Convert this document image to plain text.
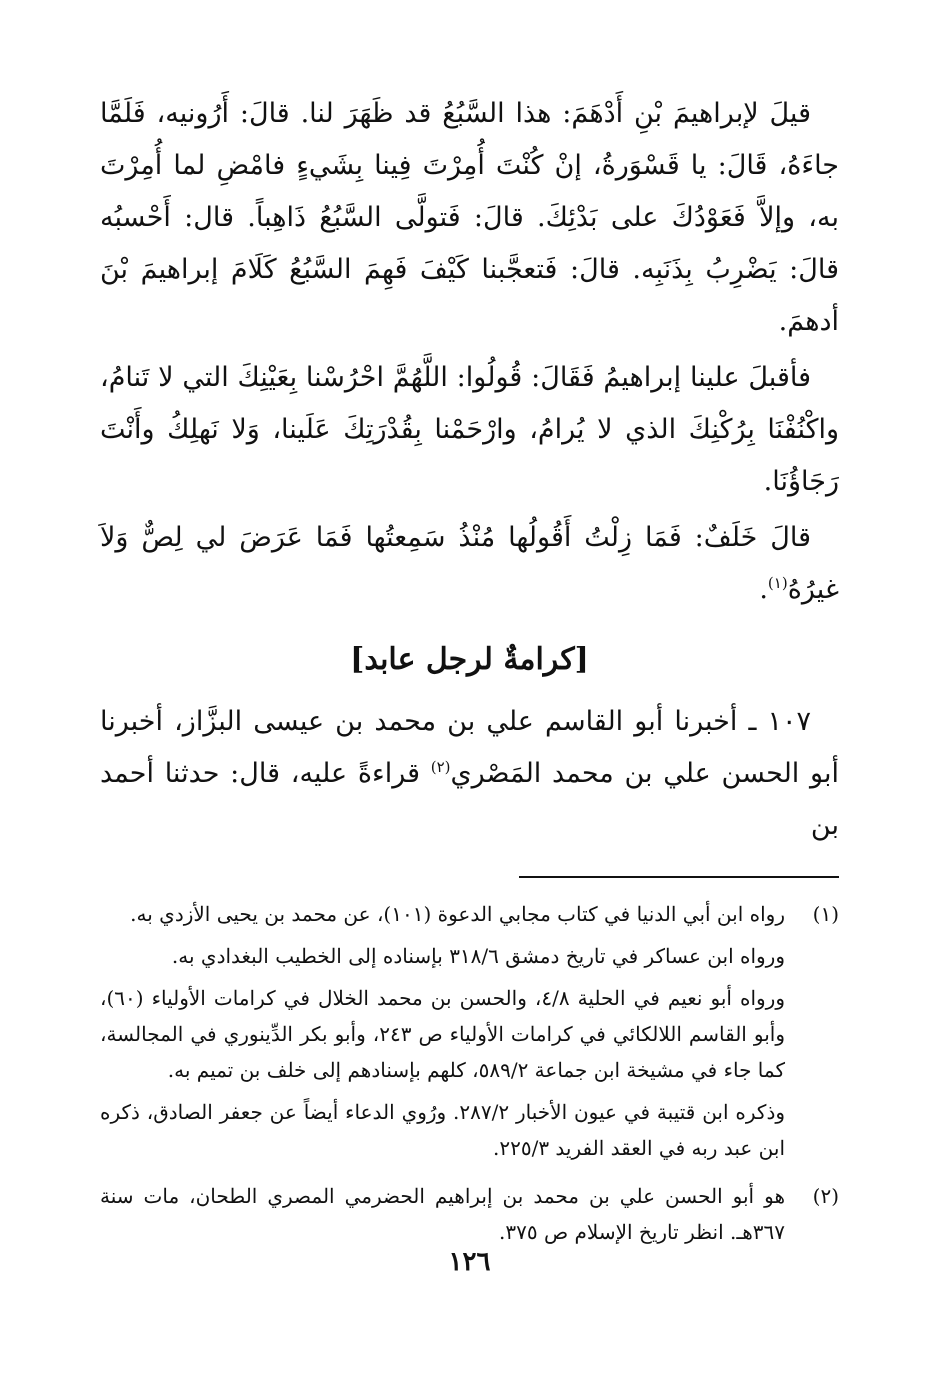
قيلَ لإبراهيمَ بْنِ أَدْهَمَ: هذا السَّبُعُ قد ظَهَرَ لنا. قالَ: أَرُونيه، فَلَمَّا جاءَهُ، قَالَ: يا قَسْوَرةُ، إنْ كُنْتَ أُمِرْتَ فِينا بِشَيءٍ فامْضِ لما أُمِرْتَ به، وإلاَّ فَعَوْدُكَ على بَدْئِكَ. قالَ: فَتولَّى السَّبُعُ ذَاهِباً. قال: أَحْسبُه قالَ: يَضْرِبُ بِذَنَبِه. قالَ: فَتعجَّبنا كَيْفَ فَهِمَ السَّبُعُ كَلَامَ إبراهيمَ بْنَ أدهمَ.

فأقبلَ علينا إبراهيمُ فَقَالَ: قُولُوا: اللَّهُمَّ احْرُسْنا بِعَيْنِكَ التي لا تَنامُ، واكْنُفْنَا بِرُكْنِكَ الذي لا يُرامُ، وارْحَمْنا بِقُدْرَتِكَ عَلَينا، وَلا نَهلِكُ وأَنْتَ رَجَاؤُنَا.

قالَ خَلَفٌ: فَمَا زِلْتُ أَقُولُها مُنْذُ سَمِعتُها فَمَا عَرَضَ لي لِصٌّ وَلاَ غيرُهُ$^{(١)}$.

[كرامةٌ لرجل عابد]

١٠٧ ـ أخبرنا أبو القاسم علي بن محمد بن عيسى البزَّاز، أخبرنا أبو الحسن علي بن محمد المَصْري$^{(٢)}$ قراءةً عليه، قال: حدثنا أحمد بن

(١)

رواه ابن أبي الدنيا في كتاب مجابي الدعوة (١٠١)، عن محمد بن يحيى الأزدي به.

ورواه ابن عساكر في تاريخ دمشق ٣١٨/٦ بإسناده إلى الخطيب البغدادي به.

ورواه أبو نعيم في الحلية ٤/٨، والحسن بن محمد الخلال في كرامات الأولياء (٦٠)، وأبو القاسم اللالكائي في كرامات الأولياء ص ٢٤٣، وأبو بكر الدِّينوري في المجالسة، كما جاء في مشيخة ابن جماعة ٥٨٩/٢، كلهم بإسنادهم إلى خلف بن تميم به.

وذكره ابن قتيبة في عيون الأخبار ٢٨٧/٢. ورُوي الدعاء أيضاً عن جعفر الصادق، ذكره ابن عبد ربه في العقد الفريد ٢٢٥/٣.

(٢)

هو أبو الحسن علي بن محمد بن إبراهيم الحضرمي المصري الطحان، مات سنة ٣٦٧هـ. انظر تاريخ الإسلام ص ٣٧٥.

١٢٦
